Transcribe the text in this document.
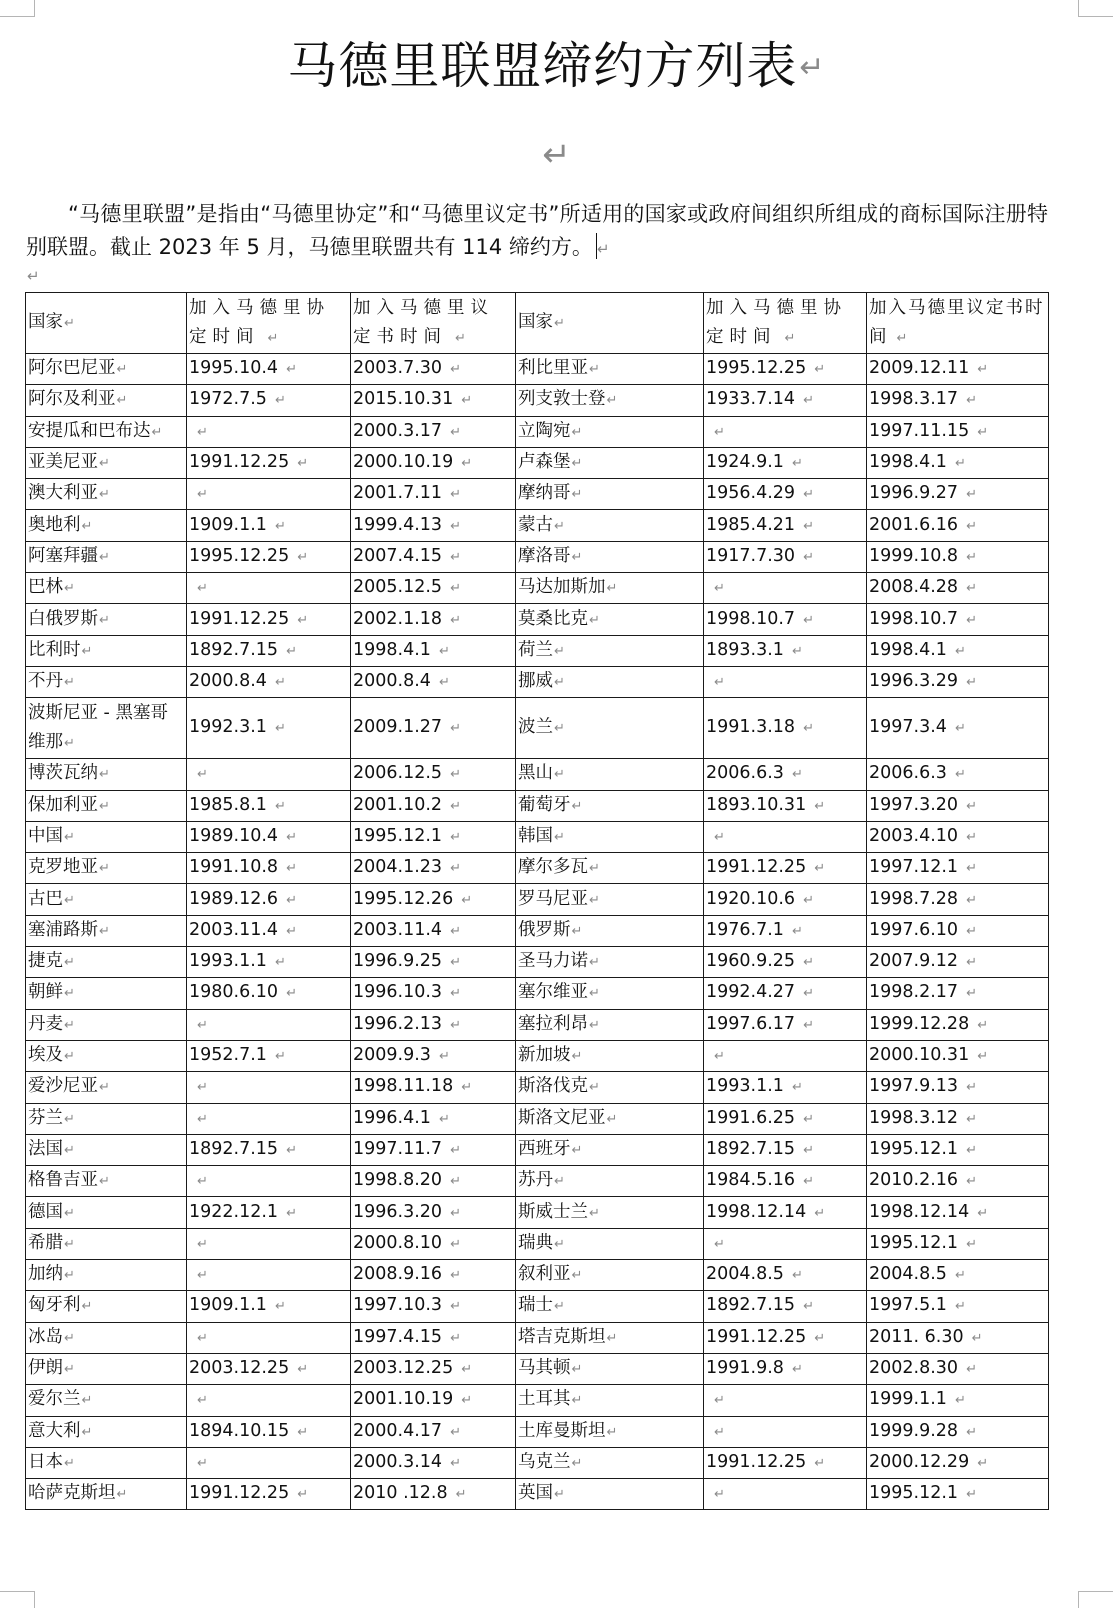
马德里联盟缔约方列表↵
↵

“马德里联盟”是指由“马德里协定”和“马德里议定书”所适用的国家或政府间组织所组成的商标国际注册特别联盟。截止 2023 年 5 月，马德里联盟共有 114 缔约方。 ↵

↵
国家↵	加入马德里协定时间 ↵	加入马德里议定书时间 ↵	国家↵	加入马德里协定时间 ↵	加入马德里议定书时间 ↵
阿尔巴尼亚↵	1995.10.4 ↵	2003.7.30 ↵	利比里亚↵	1995.12.25 ↵	2009.12.11 ↵
阿尔及利亚↵	1972.7.5 ↵	2015.10.31 ↵	列支敦士登↵	1933.7.14 ↵	1998.3.17 ↵
安提瓜和巴布达↵	↵	2000.3.17 ↵	立陶宛↵	↵	1997.11.15 ↵
亚美尼亚↵	1991.12.25 ↵	2000.10.19 ↵	卢森堡↵	1924.9.1 ↵	1998.4.1 ↵
澳大利亚↵	↵	2001.7.11 ↵	摩纳哥↵	1956.4.29 ↵	1996.9.27 ↵
奥地利↵	1909.1.1 ↵	1999.4.13 ↵	蒙古↵	1985.4.21 ↵	2001.6.16 ↵
阿塞拜疆↵	1995.12.25 ↵	2007.4.15 ↵	摩洛哥↵	1917.7.30 ↵	1999.10.8 ↵
巴林↵	↵	2005.12.5 ↵	马达加斯加↵	↵	2008.4.28 ↵
白俄罗斯↵	1991.12.25 ↵	2002.1.18 ↵	莫桑比克↵	1998.10.7 ↵	1998.10.7 ↵
比利时↵	1892.7.15 ↵	1998.4.1 ↵	荷兰↵	1893.3.1 ↵	1998.4.1 ↵
不丹↵	2000.8.4 ↵	2000.8.4 ↵	挪威↵	↵	1996.3.29 ↵
波斯尼亚 - 黑塞哥维那↵	1992.3.1 ↵	2009.1.27 ↵	波兰↵	1991.3.18 ↵	1997.3.4 ↵
博茨瓦纳↵	↵	2006.12.5 ↵	黑山↵	2006.6.3 ↵	2006.6.3 ↵
保加利亚↵	1985.8.1 ↵	2001.10.2 ↵	葡萄牙↵	1893.10.31 ↵	1997.3.20 ↵
中国↵	1989.10.4 ↵	1995.12.1 ↵	韩国↵	↵	2003.4.10 ↵
克罗地亚↵	1991.10.8 ↵	2004.1.23 ↵	摩尔多瓦↵	1991.12.25 ↵	1997.12.1 ↵
古巴↵	1989.12.6 ↵	1995.12.26 ↵	罗马尼亚↵	1920.10.6 ↵	1998.7.28 ↵
塞浦路斯↵	2003.11.4 ↵	2003.11.4 ↵	俄罗斯↵	1976.7.1 ↵	1997.6.10 ↵
捷克↵	1993.1.1 ↵	1996.9.25 ↵	圣马力诺↵	1960.9.25 ↵	2007.9.12 ↵
朝鲜↵	1980.6.10 ↵	1996.10.3 ↵	塞尔维亚↵	1992.4.27 ↵	1998.2.17 ↵
丹麦↵	↵	1996.2.13 ↵	塞拉利昂↵	1997.6.17 ↵	1999.12.28 ↵
埃及↵	1952.7.1 ↵	2009.9.3 ↵	新加坡↵	↵	2000.10.31 ↵
爱沙尼亚↵	↵	1998.11.18 ↵	斯洛伐克↵	1993.1.1 ↵	1997.9.13 ↵
芬兰↵	↵	1996.4.1 ↵	斯洛文尼亚↵	1991.6.25 ↵	1998.3.12 ↵
法国↵	1892.7.15 ↵	1997.11.7 ↵	西班牙↵	1892.7.15 ↵	1995.12.1 ↵
格鲁吉亚↵	↵	1998.8.20 ↵	苏丹↵	1984.5.16 ↵	2010.2.16 ↵
德国↵	1922.12.1 ↵	1996.3.20 ↵	斯威士兰↵	1998.12.14 ↵	1998.12.14 ↵
希腊↵	↵	2000.8.10 ↵	瑞典↵	↵	1995.12.1 ↵
加纳↵	↵	2008.9.16 ↵	叙利亚↵	2004.8.5 ↵	2004.8.5 ↵
匈牙利↵	1909.1.1 ↵	1997.10.3 ↵	瑞士↵	1892.7.15 ↵	1997.5.1 ↵
冰岛↵	↵	1997.4.15 ↵	塔吉克斯坦↵	1991.12.25 ↵	2011. 6.30 ↵
伊朗↵	2003.12.25 ↵	2003.12.25 ↵	马其顿↵	1991.9.8 ↵	2002.8.30 ↵
爱尔兰↵	↵	2001.10.19 ↵	土耳其↵	↵	1999.1.1 ↵
意大利↵	1894.10.15 ↵	2000.4.17 ↵	土库曼斯坦↵	↵	1999.9.28 ↵
日本↵	↵	2000.3.14 ↵	乌克兰↵	1991.12.25 ↵	2000.12.29 ↵
哈萨克斯坦↵	1991.12.25 ↵	2010 .12.8 ↵	英国↵	↵	1995.12.1 ↵
